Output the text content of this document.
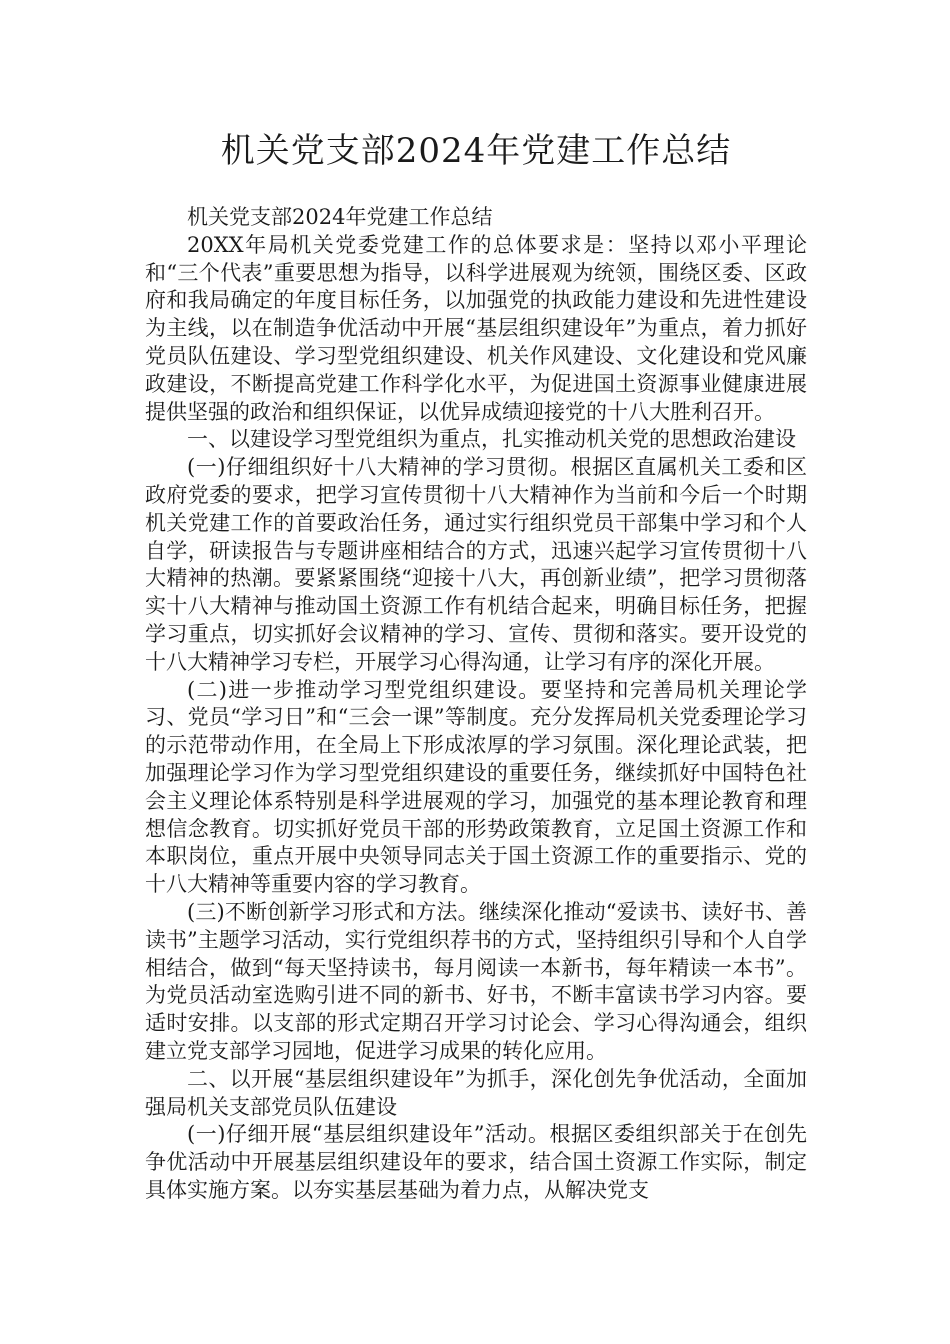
机关党支部2024年党建工作总结

机关党支部2024年党建工作总结

20XX年局机关党委党建工作的总体要求是：坚持以邓小平理论和“三个代表”重要思想为指导，以科学进展观为统领，围绕区委、区政府和我局确定的年度目标任务，以加强党的执政能力建设和先进性建设为主线，以在制造争优活动中开展“基层组织建设年”为重点，着力抓好党员队伍建设、学习型党组织建设、机关作风建设、文化建设和党风廉政建设，不断提高党建工作科学化水平，为促进国土资源事业健康进展提供坚强的政治和组织保证，以优异成绩迎接党的十八大胜利召开。

一、以建设学习型党组织为重点，扎实推动机关党的思想政治建设

(一)仔细组织好十八大精神的学习贯彻。根据区直属机关工委和区政府党委的要求，把学习宣传贯彻十八大精神作为当前和今后一个时期机关党建工作的首要政治任务，通过实行组织党员干部集中学习和个人自学，研读报告与专题讲座相结合的方式，迅速兴起学习宣传贯彻十八大精神的热潮。要紧紧围绕“迎接十八大，再创新业绩”，把学习贯彻落实十八大精神与推动国土资源工作有机结合起来，明确目标任务，把握学习重点，切实抓好会议精神的学习、宣传、贯彻和落实。要开设党的十八大精神学习专栏，开展学习心得沟通，让学习有序的深化开展。

(二)进一步推动学习型党组织建设。要坚持和完善局机关理论学习、党员“学习日”和“三会一课”等制度。充分发挥局机关党委理论学习的示范带动作用，在全局上下形成浓厚的学习氛围。深化理论武装，把加强理论学习作为学习型党组织建设的重要任务，继续抓好中国特色社会主义理论体系特别是科学进展观的学习，加强党的基本理论教育和理想信念教育。切实抓好党员干部的形势政策教育，立足国土资源工作和本职岗位，重点开展中央领导同志关于国土资源工作的重要指示、党的十八大精神等重要内容的学习教育。

(三)不断创新学习形式和方法。继续深化推动“爱读书、读好书、善读书”主题学习活动，实行党组织荐书的方式，坚持组织引导和个人自学相结合，做到“每天坚持读书，每月阅读一本新书，每年精读一本书”。为党员活动室选购引进不同的新书、好书，不断丰富读书学习内容。要适时安排。以支部的形式定期召开学习讨论会、学习心得沟通会，组织建立党支部学习园地，促进学习成果的转化应用。

二、以开展“基层组织建设年”为抓手，深化创先争优活动，全面加强局机关支部党员队伍建设

(一)仔细开展“基层组织建设年”活动。根据区委组织部关于在创先争优活动中开展基层组织建设年的要求，结合国土资源工作实际，制定具体实施方案。以夯实基层基础为着力点，从解决党支
